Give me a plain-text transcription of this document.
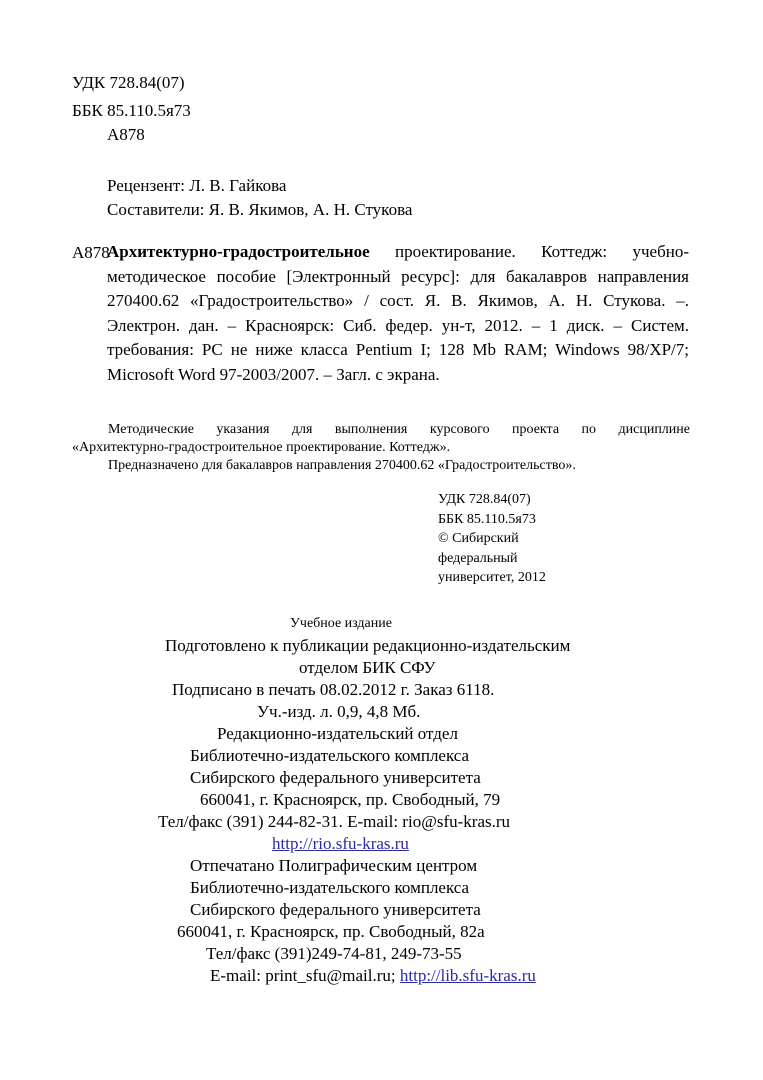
УДК 728.84(07)
ББК 85.110.5я73
А878
Рецензент: Л. В. Гайкова
Составители: Я. В. Якимов, А. Н. Стукова
А878
Архитектурно-градостроительное проектирование. Коттедж: учебно-методическое пособие [Электронный ресурс]: для бакалавров направления 270400.62 «Градостроительство» / сост. Я. В. Якимов, А. Н. Стукова. –. Электрон. дан. – Красноярск: Сиб. федер. ун-т, 2012. – 1 диск. – Систем. требования: PC не ниже класса Pentium I; 128 Mb RAM; Windows 98/XP/7; Microsoft Word 97-2003/2007. – Загл. с экрана.

Методические указания для выполнения курсового проекта по дисциплине

«Архитектурно-градостроительное проектирование. Коттедж».

Предназначено для бакалавров направления 270400.62 «Градостроительство».

УДК 728.84(07)
ББК 85.110.5я73
© Сибирский
федеральный
университет, 2012
Учебное издание
Подготовлено к публикации редакционно-издательским
отделом БИК СФУ
Подписано в печать 08.02.2012 г. Заказ 6118.
Уч.-изд. л. 0,9, 4,8 Мб.
Редакционно-издательский отдел
Библиотечно-издательского комплекса
Сибирского федерального университета
660041, г. Красноярск, пр. Свободный, 79
Тел/факс (391) 244-82-31. E-mail: rio@sfu-kras.ru
http://rio.sfu-kras.ru
Отпечатано Полиграфическим центром
Библиотечно-издательского комплекса
Сибирского федерального университета
660041, г. Красноярск, пр. Свободный, 82а
Тел/факс (391)249-74-81, 249-73-55
E-mail: print_sfu@mail.ru; http://lib.sfu-kras.ru
